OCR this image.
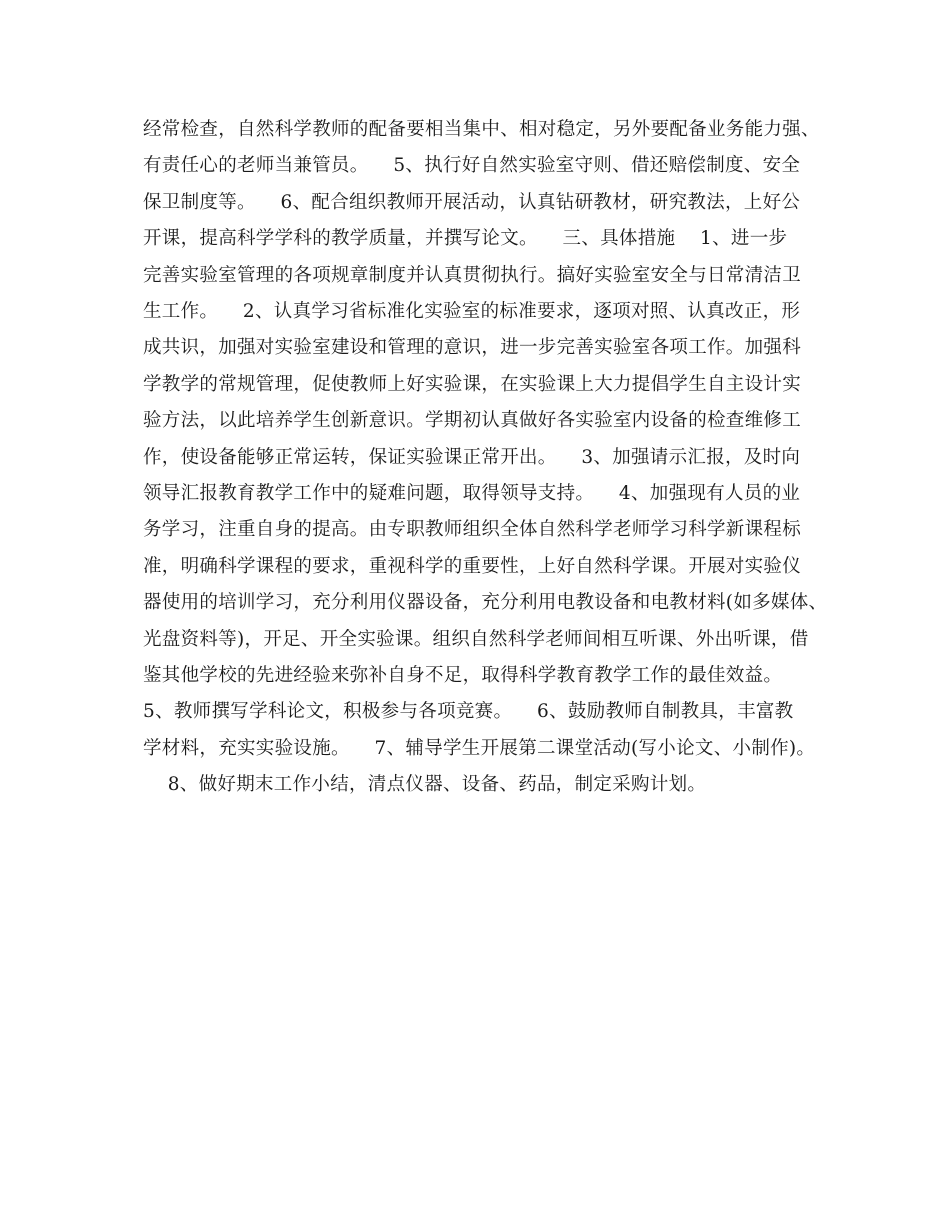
经常检查，自然科学教师的配备要相当集中、相对稳定，另外要配备业务能力强、
有责任心的老师当兼管员。    5、执行好自然实验室守则、借还赔偿制度、安全
保卫制度等。    6、配合组织教师开展活动，认真钻研教材，研究教法，上好公
开课，提高科学学科的教学质量，并撰写论文。    三、具体措施    1、进一步
完善实验室管理的各项规章制度并认真贯彻执行。搞好实验室安全与日常清洁卫
生工作。    2、认真学习省标准化实验室的标准要求，逐项对照、认真改正，形
成共识，加强对实验室建设和管理的意识，进一步完善实验室各项工作。加强科
学教学的常规管理，促使教师上好实验课，在实验课上大力提倡学生自主设计实
验方法，以此培养学生创新意识。学期初认真做好各实验室内设备的检查维修工
作，使设备能够正常运转，保证实验课正常开出。    3、加强请示汇报，及时向
领导汇报教育教学工作中的疑难问题，取得领导支持。    4、加强现有人员的业
务学习，注重自身的提高。由专职教师组织全体自然科学老师学习科学新课程标
准，明确科学课程的要求，重视科学的重要性，上好自然科学课。开展对实验仪
器使用的培训学习，充分利用仪器设备，充分利用电教设备和电教材料(如多媒体、
光盘资料等)，开足、开全实验课。组织自然科学老师间相互听课、外出听课，借
鉴其他学校的先进经验来弥补自身不足，取得科学教育教学工作的最佳效益。
5、教师撰写学科论文，积极参与各项竞赛。    6、鼓励教师自制教具，丰富教
学材料，充实实验设施。    7、辅导学生开展第二课堂活动(写小论文、小制作)。
8、做好期末工作小结，清点仪器、设备、药品，制定采购计划。
